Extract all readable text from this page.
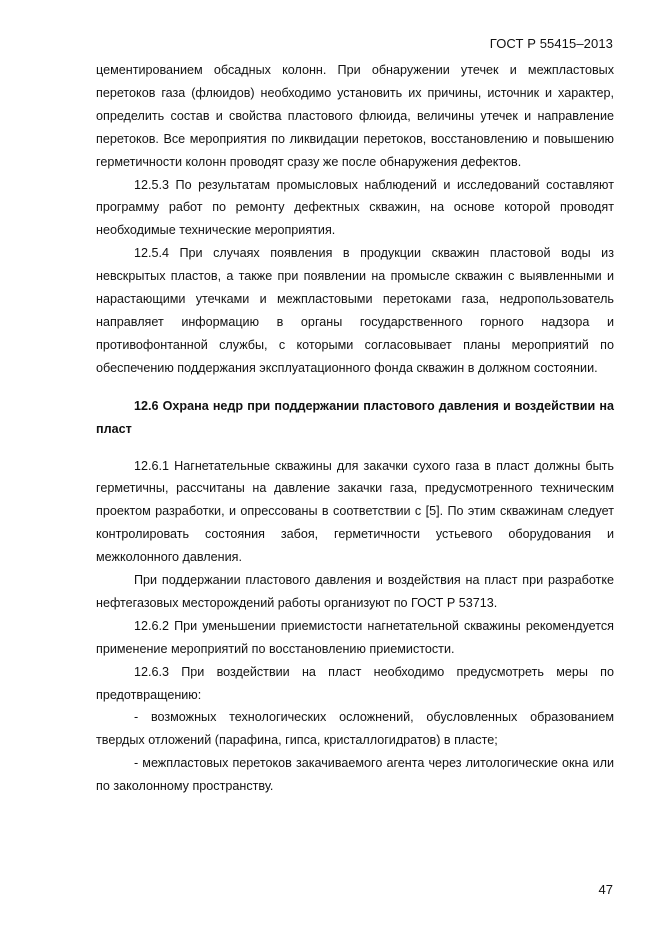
ГОСТ Р 55415–2013

цементированием обсадных колонн. При обнаружении утечек и межпластовых перетоков газа (флюидов) необходимо установить их причины, источник и характер, определить состав и свойства пластового флюида, величины утечек и направление перетоков. Все мероприятия по ликвидации перетоков, восстановлению и повышению герметичности колонн проводят сразу же после обнаружения дефектов.

12.5.3 По результатам промысловых наблюдений и исследований составляют программу работ по ремонту дефектных скважин, на основе которой проводят необходимые технические мероприятия.

12.5.4 При случаях появления в продукции скважин пластовой воды из невскрытых пластов, а также при появлении на промысле скважин с выявленными и нарастающими утечками и межпластовыми перетоками газа, недропользователь направляет информацию в органы государственного горного надзора и противофонтанной службы, с которыми согласовывает планы мероприятий по обеспечению поддержания эксплуатационного фонда скважин в должном состоянии.

12.6 Охрана недр при поддержании пластового давления и воздействии на пласт

12.6.1 Нагнетательные скважины для закачки сухого газа в пласт должны быть герметичны, рассчитаны на давление закачки газа, предусмотренного техническим проектом разработки, и опрессованы в соответствии с [5]. По этим скважинам следует контролировать состояния забоя, герметичности устьевого оборудования и межколонного давления.

При поддержании пластового давления и воздействия на пласт при разработке нефтегазовых месторождений работы организуют по ГОСТ Р 53713.

12.6.2 При уменьшении приемистости нагнетательной скважины рекомендуется применение мероприятий по восстановлению приемистости.

12.6.3 При воздействии на пласт необходимо предусмотреть меры по предотвращению:

- возможных технологических осложнений, обусловленных образованием твердых отложений (парафина, гипса, кристаллогидратов) в пласте;

- межпластовых перетоков закачиваемого агента через литологические окна или по заколонному пространству.

47
